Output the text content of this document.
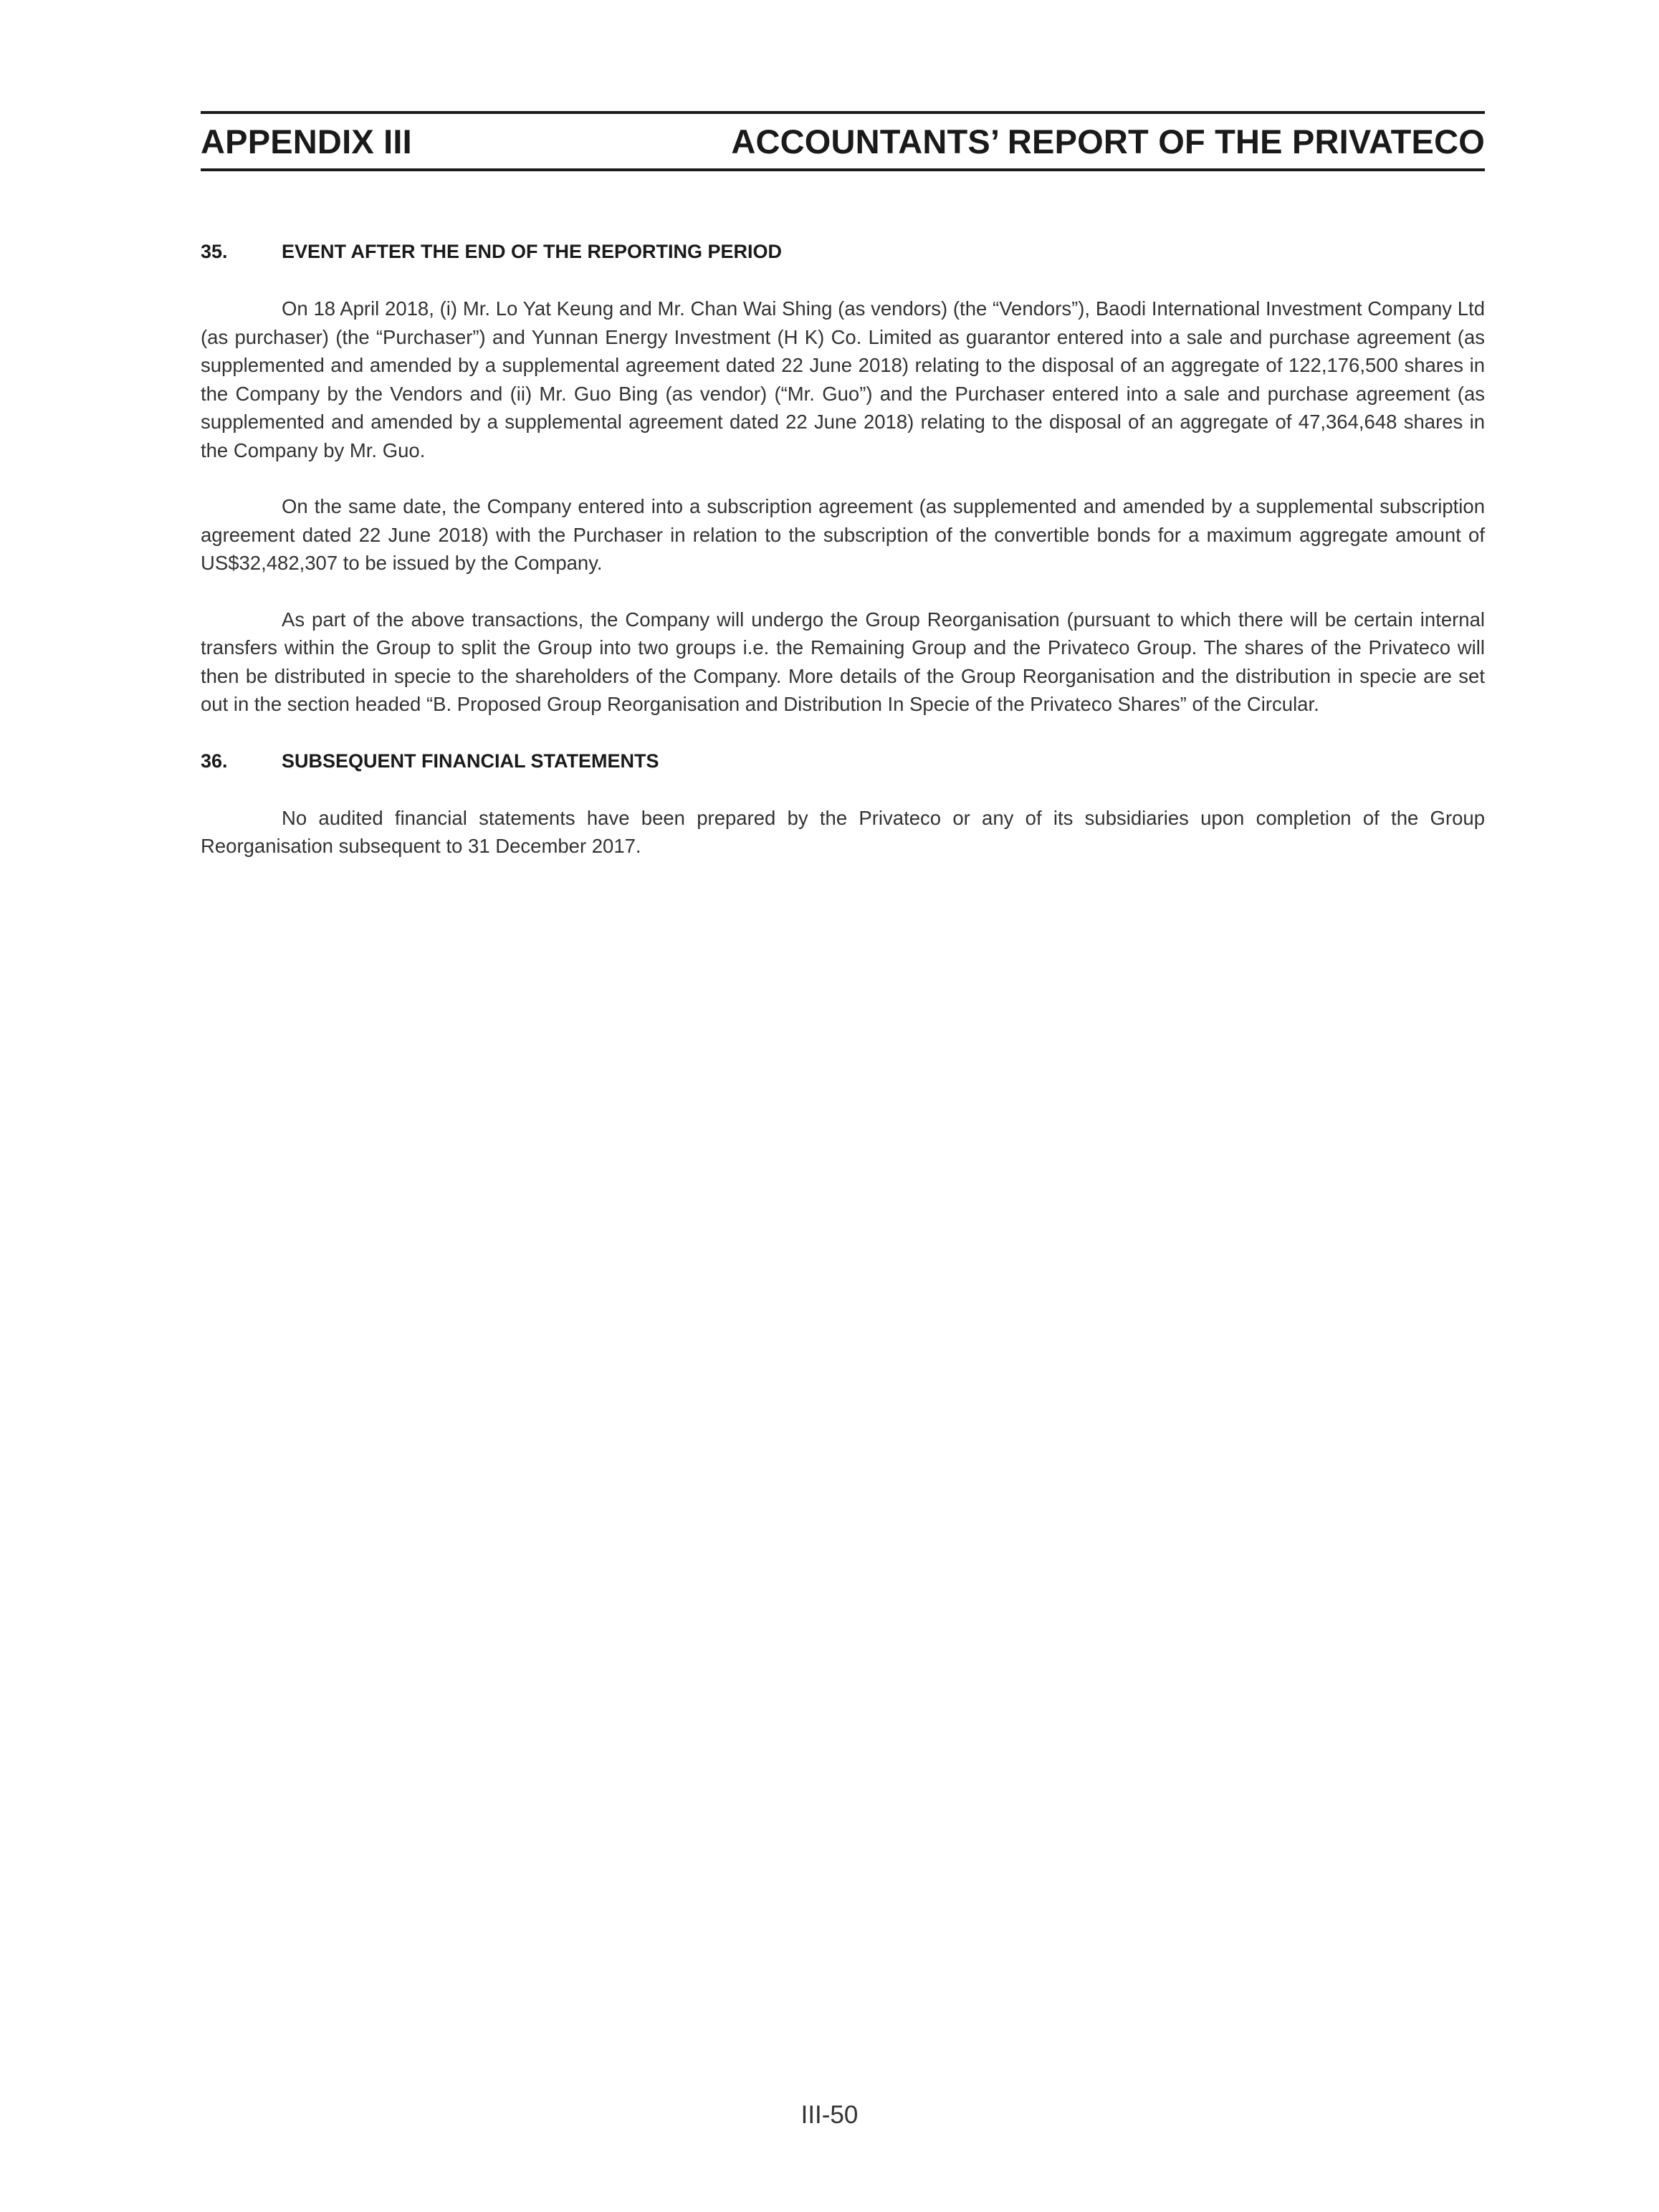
APPENDIX III	ACCOUNTANTS’ REPORT OF THE PRIVATECO
35.	EVENT AFTER THE END OF THE REPORTING PERIOD

On 18 April 2018, (i) Mr. Lo Yat Keung and Mr. Chan Wai Shing (as vendors) (the “Vendors”), Baodi International Investment Company Ltd (as purchaser) (the “Purchaser”) and Yunnan Energy Investment (H K) Co. Limited as guarantor entered into a sale and purchase agreement (as supplemented and amended by a supplemental agreement dated 22 June 2018) relating to the disposal of an aggregate of 122,176,500 shares in the Company by the Vendors and (ii) Mr. Guo Bing (as vendor) (“Mr. Guo”) and the Purchaser entered into a sale and purchase agreement (as supplemented and amended by a supplemental agreement dated 22 June 2018) relating to the disposal of an aggregate of 47,364,648 shares in the Company by Mr. Guo.

On the same date, the Company entered into a subscription agreement (as supplemented and amended by a supplemental subscription agreement dated 22 June 2018) with the Purchaser in relation to the subscription of the convertible bonds for a maximum aggregate amount of US$32,482,307 to be issued by the Company.

As part of the above transactions, the Company will undergo the Group Reorganisation (pursuant to which there will be certain internal transfers within the Group to split the Group into two groups i.e. the Remaining Group and the Privateco Group. The shares of the Privateco will then be distributed in specie to the shareholders of the Company. More details of the Group Reorganisation and the distribution in specie are set out in the section headed “B. Proposed Group Reorganisation and Distribution In Specie of the Privateco Shares” of the Circular.

36.	SUBSEQUENT FINANCIAL STATEMENTS

No audited financial statements have been prepared by the Privateco or any of its subsidiaries upon completion of the Group Reorganisation subsequent to 31 December 2017.

III-50
